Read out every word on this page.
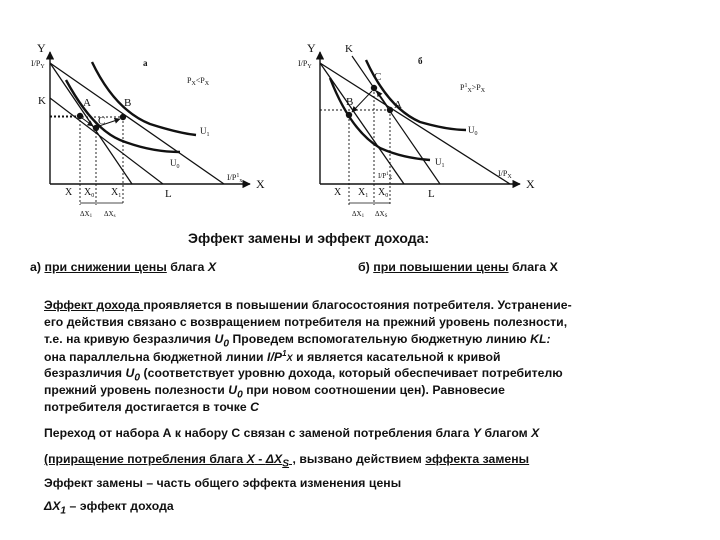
Y
$I/P_Y$	a
$P_X<P_X$
K	A	B
C
$U_1$
$U_0$
$I/P^1_x$
L
X
X $X_0$ $X_1$
ΔX1 ΔXs
Y
$I/P_Y$
K
б
$P^1_X>P_X$
C
B	A
$U_0$
$U_1$
$I/P^1_X$
$I/P_X$
L
X
X $X_1$ $X_0$
ΔX1 ΔXS
Эффект замены и эффект дохода:
а) при снижении цены блага X	б) при повышении цены блага X
Эффект дохода проявляется в повышении благосостояния потребителя. Устранение-
его действия связано с возвращением потребителя на прежний уровень полезности,
т.е. на кривую безразличия $U_0$ Проведем вспомогательную бюджетную линию KL:
она параллельна бюджетной линии $I/P^1X$ и является касательной к кривой
безразличия $U_0$ (соответствует уровню дохода, который обеспечивает потребителю
прежний уровень полезности $U_0$ при новом соотношении цен). Равновесие
потребителя достигается в точке C
Переход от набора А к набору С связан с заменой потребления блага Y благом X
(приращение потребления блага X - $\Delta X_S$ , вызвано действием эффекта замены
Эффект замены – часть общего эффекта изменения цены
$\Delta X_1$ – эффект дохода
